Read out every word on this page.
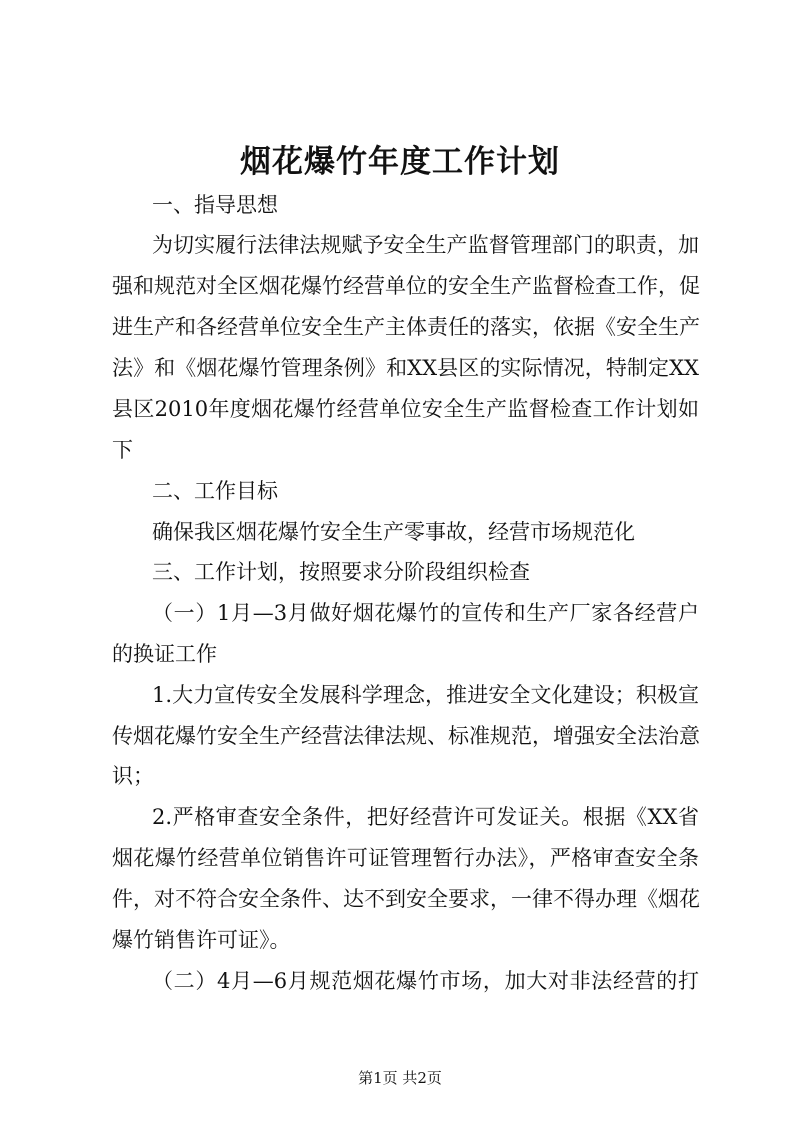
烟花爆竹年度工作计划
一、指导思想
为切实履行法律法规赋予安全生产监督管理部门的职责，加
强和规范对全区烟花爆竹经营单位的安全生产监督检查工作，促
进生产和各经营单位安全生产主体责任的落实，依据《安全生产
法》和《烟花爆竹管理条例》和XX县区的实际情况，特制定XX
县区2010年度烟花爆竹经营单位安全生产监督检查工作计划如
下
二、工作目标
确保我区烟花爆竹安全生产零事故，经营市场规范化
三、工作计划，按照要求分阶段组织检查
（一）1月—3月做好烟花爆竹的宣传和生产厂家各经营户
的换证工作
1.大力宣传安全发展科学理念，推进安全文化建设；积极宣
传烟花爆竹安全生产经营法律法规、标准规范，增强安全法治意
识；
2.严格审查安全条件，把好经营许可发证关。根据《XX省
烟花爆竹经营单位销售许可证管理暂行办法》，严格审查安全条
件，对不符合安全条件、达不到安全要求，一律不得办理《烟花
爆竹销售许可证》。
（二）4月—6月规范烟花爆竹市场，加大对非法经营的打
第1页 共2页
